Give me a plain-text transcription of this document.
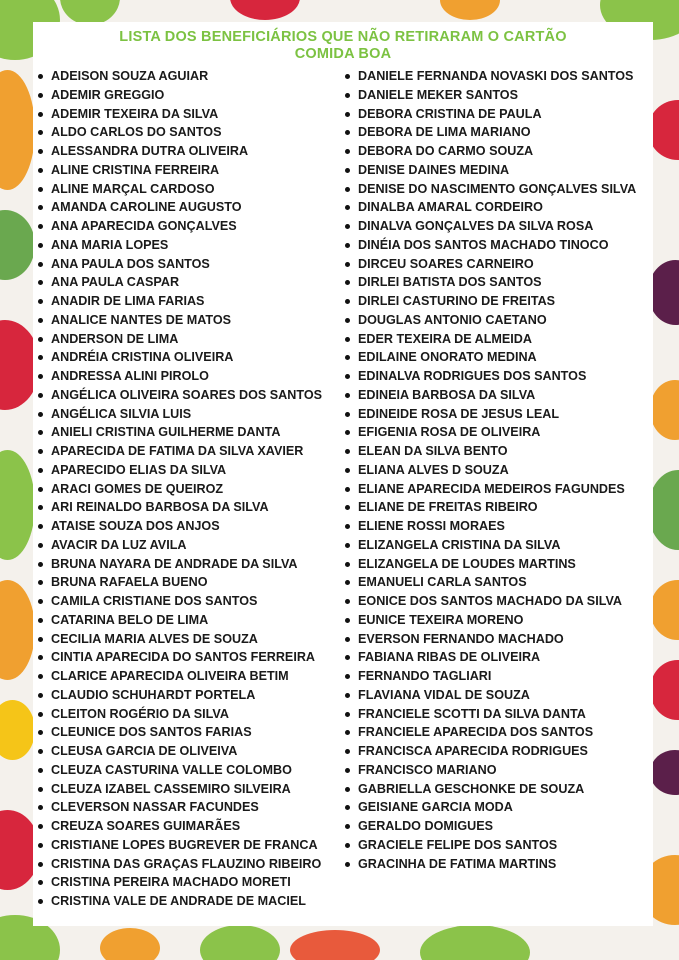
LISTA DOS BENEFICIÁRIOS QUE NÃO RETIRARAM O CARTÃO
COMIDA BOA
ADEISON SOUZA AGUIAR
ADEMIR GREGGIO
ADEMIR TEXEIRA DA SILVA
ALDO CARLOS DO SANTOS
ALESSANDRA DUTRA OLIVEIRA
ALINE CRISTINA FERREIRA
ALINE MARÇAL CARDOSO
AMANDA CAROLINE AUGUSTO
ANA APARECIDA GONÇALVES
ANA MARIA LOPES
ANA PAULA DOS SANTOS
ANA PAULA CASPAR
ANADIR DE LIMA FARIAS
ANALICE NANTES DE MATOS
ANDERSON DE LIMA
ANDRÉIA CRISTINA OLIVEIRA
ANDRESSA ALINI PIROLO
ANGÉLICA OLIVEIRA SOARES DOS SANTOS
ANGÉLICA SILVIA LUIS
ANIELI CRISTINA GUILHERME DANTA
APARECIDA DE FATIMA DA SILVA XAVIER
APARECIDO ELIAS DA SILVA
ARACI GOMES DE QUEIROZ
ARI REINALDO BARBOSA DA SILVA
ATAISE SOUZA DOS ANJOS
AVACIR DA LUZ AVILA
BRUNA NAYARA DE ANDRADE DA SILVA
BRUNA RAFAELA BUENO
CAMILA CRISTIANE DOS SANTOS
CATARINA BELO DE LIMA
CECILIA MARIA ALVES DE SOUZA
CINTIA APARECIDA DO SANTOS FERREIRA
CLARICE APARECIDA OLIVEIRA BETIM
CLAUDIO SCHUHARDT PORTELA
CLEITON ROGÉRIO DA SILVA
CLEUNICE DOS SANTOS FARIAS
CLEUSA GARCIA DE OLIVEIVA
CLEUZA CASTURINA VALLE COLOMBO
CLEUZA IZABEL CASSEMIRO SILVEIRA
CLEVERSON NASSAR FACUNDES
CREUZA SOARES GUIMARÃES
CRISTIANE LOPES BUGREVER DE FRANCA
CRISTINA DAS GRAÇAS FLAUZINO RIBEIRO
CRISTINA PEREIRA MACHADO MORETI
CRISTINA VALE DE ANDRADE DE MACIEL
DANIELE FERNANDA NOVASKI DOS SANTOS
DANIELE MEKER SANTOS
DEBORA CRISTINA DE PAULA
DEBORA DE LIMA MARIANO
DEBORA DO CARMO SOUZA
DENISE DAINES MEDINA
DENISE DO NASCIMENTO GONÇALVES SILVA
DINALBA AMARAL CORDEIRO
DINALVA GONÇALVES DA SILVA ROSA
DINÉIA DOS SANTOS MACHADO TINOCO
DIRCEU SOARES CARNEIRO
DIRLEI BATISTA DOS SANTOS
DIRLEI CASTURINO DE FREITAS
DOUGLAS ANTONIO CAETANO
EDER TEXEIRA DE ALMEIDA
EDILAINE ONORATO MEDINA
EDINALVA RODRIGUES DOS SANTOS
EDINEIA BARBOSA DA SILVA
EDINEIDE ROSA DE JESUS LEAL
EFIGENIA ROSA DE OLIVEIRA
ELEAN DA SILVA BENTO
ELIANA ALVES D SOUZA
ELIANE APARECIDA MEDEIROS FAGUNDES
ELIANE DE FREITAS RIBEIRO
ELIENE ROSSI MORAES
ELIZANGELA CRISTINA DA SILVA
ELIZANGELA DE LOUDES MARTINS
EMANUELI CARLA SANTOS
EONICE DOS SANTOS MACHADO DA SILVA
EUNICE TEXEIRA MORENO
EVERSON FERNANDO MACHADO
FABIANA RIBAS DE OLIVEIRA
FERNANDO TAGLIARI
FLAVIANA VIDAL DE SOUZA
FRANCIELE SCOTTI DA SILVA DANTA
FRANCIELE APARECIDA DOS SANTOS
FRANCISCA APARECIDA RODRIGUES
FRANCISCO MARIANO
GABRIELLA GESCHONKE DE SOUZA
GEISIANE GARCIA MODA
GERALDO DOMIGUES
GRACIELE FELIPE DOS SANTOS
GRACINHA DE FATIMA MARTINS
